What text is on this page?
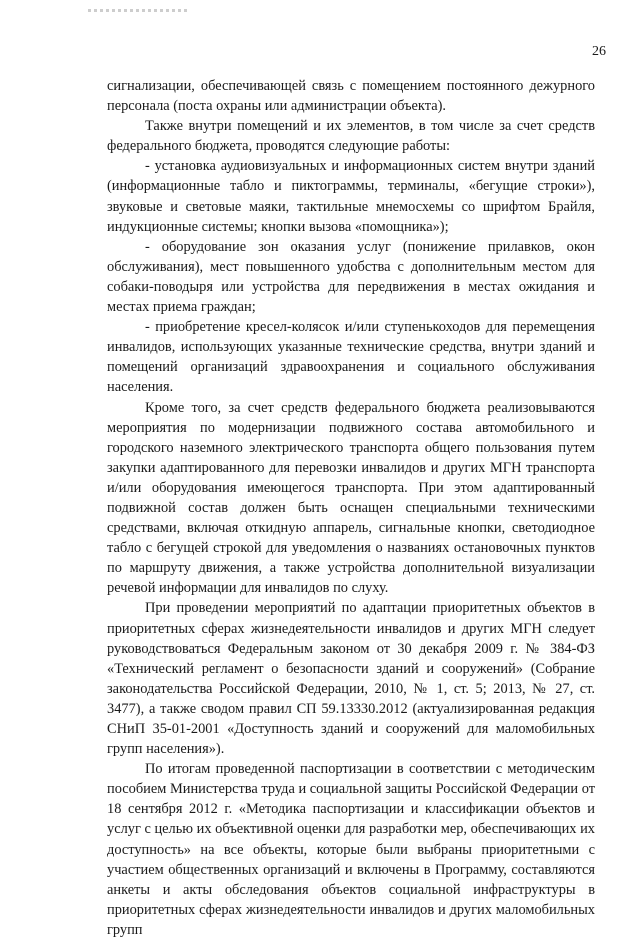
26

сигнализации, обеспечивающей связь с помещением постоянного дежурного персонала (поста охраны или администрации объекта).

Также внутри помещений и их элементов, в том числе за счет средств федерального бюджета, проводятся следующие работы:

- установка аудиовизуальных и информационных систем внутри зданий (информационные табло и пиктограммы, терминалы, «бегущие строки»), звуковые и световые маяки, тактильные мнемосхемы со шрифтом Брайля, индукционные системы; кнопки вызова «помощника»);

- оборудование зон оказания услуг (понижение прилавков, окон обслуживания), мест повышенного удобства с дополнительным местом для собаки-поводыря или устройства для передвижения в местах ожидания и местах приема граждан;

- приобретение кресел-колясок и/или ступенькоходов для перемещения инвалидов, использующих указанные технические средства, внутри зданий и помещений организаций здравоохранения и социального обслуживания населения.

Кроме того, за счет средств федерального бюджета реализовываются мероприятия по модернизации подвижного состава автомобильного и городского наземного электрического транспорта общего пользования путем закупки адаптированного для перевозки инвалидов и других МГН транспорта и/или оборудования имеющегося транспорта. При этом адаптированный подвижной состав должен быть оснащен специальными техническими средствами, включая откидную аппарель, сигнальные кнопки, светодиодное табло с бегущей строкой для уведомления о названиях остановочных пунктов по маршруту движения, а также устройства дополнительной визуализации речевой информации для инвалидов по слуху.

При проведении мероприятий по адаптации приоритетных объектов в приоритетных сферах жизнедеятельности инвалидов и других МГН следует руководствоваться Федеральным законом от 30 декабря 2009 г. № 384-ФЗ «Технический регламент о безопасности зданий и сооружений» (Собрание законодательства Российской Федерации, 2010, № 1, ст. 5; 2013, № 27, ст. 3477), а также сводом правил СП 59.13330.2012 (актуализированная редакция СНиП 35-01-2001 «Доступность зданий и сооружений для маломобильных групп населения»).

По итогам проведенной паспортизации в соответствии с методическим пособием Министерства труда и социальной защиты Российской Федерации от 18 сентября 2012 г. «Методика паспортизации и классификации объектов и услуг с целью их объективной оценки для разработки мер, обеспечивающих их доступность» на все объекты, которые были выбраны приоритетными с участием общественных организаций и включены в Программу, составляются анкеты и акты обследования объектов социальной инфраструктуры в приоритетных сферах жизнедеятельности инвалидов и других маломобильных групп
